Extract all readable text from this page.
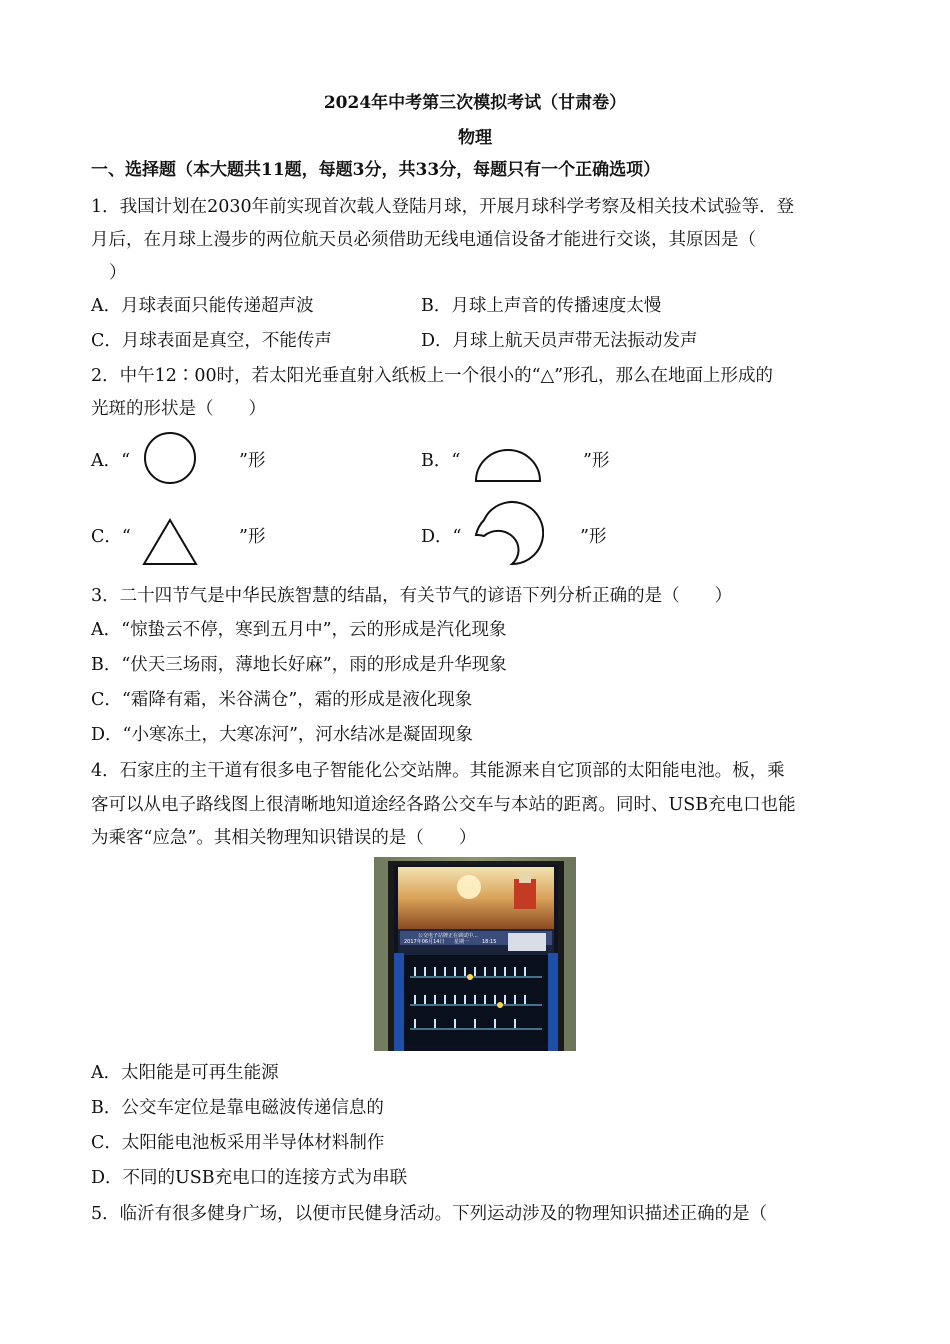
2024年中考第三次模拟考试（甘肃卷）
物理
一、选择题（本大题共11题，每题3分，共33分，每题只有一个正确选项）
1．我国计划在2030年前实现首次载人登陆月球，开展月球科学考察及相关技术试验等．登
月后，在月球上漫步的两位航天员必须借助无线电通信设备才能进行交谈，其原因是（
）
A．月球表面只能传递超声波	B．月球上声音的传播速度太慢
C．月球表面是真空，不能传声	D．月球上航天员声带无法振动发声
2．中午12∶00时，若太阳光垂直射入纸板上一个很小的“△”形孔，那么在地面上形成的
光斑的形状是（　　）
A．“	”形	B．“	”形
C．“	”形	D．“	”形
3．二十四节气是中华民族智慧的结晶，有关节气的谚语下列分析正确的是（　　）
A．“惊蛰云不停，寒到五月中”，云的形成是汽化现象
B．“伏天三场雨，薄地长好麻”，雨的形成是升华现象
C．“霜降有霜，米谷满仓”，霜的形成是液化现象
D．“小寒冻土，大寒冻河”，河水结冰是凝固现象
4．石家庄的主干道有很多电子智能化公交站牌。其能源来自它顶部的太阳能电池。板，乘
客可以从电子路线图上很清晰地知道途经各路公交车与本站的距离。同时、USB充电口也能
为乘客“应急”。其相关物理知识错误的是（　　）
公交电子站牌正在调试中...
2017年06月14日 星期一	18:15
A．太阳能是可再生能源
B．公交车定位是靠电磁波传递信息的
C．太阳能电池板采用半导体材料制作
D．不同的USB充电口的连接方式为串联
5．临沂有很多健身广场，以便市民健身活动。下列运动涉及的物理知识描述正确的是（
